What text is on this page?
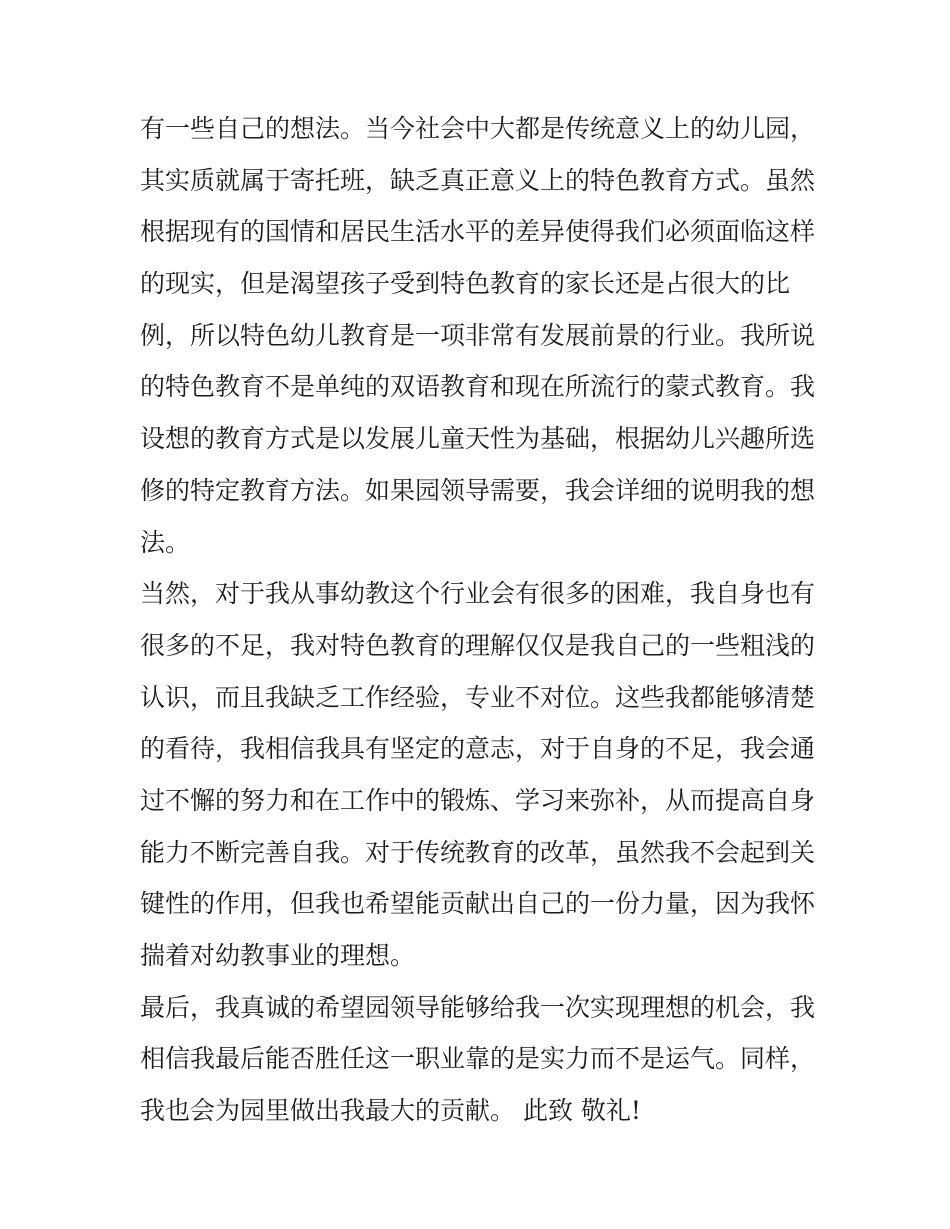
有一些自己的想法。当今社会中大都是传统意义上的幼儿园，
其实质就属于寄托班，缺乏真正意义上的特色教育方式。虽然
根据现有的国情和居民生活水平的差异使得我们必须面临这样
的现实，但是渴望孩子受到特色教育的家长还是占很大的比
例，所以特色幼儿教育是一项非常有发展前景的行业。我所说
的特色教育不是单纯的双语教育和现在所流行的蒙式教育。我
设想的教育方式是以发展儿童天性为基础，根据幼儿兴趣所选
修的特定教育方法。如果园领导需要，我会详细的说明我的想
法。
当然，对于我从事幼教这个行业会有很多的困难，我自身也有
很多的不足，我对特色教育的理解仅仅是我自己的一些粗浅的
认识，而且我缺乏工作经验，专业不对位。这些我都能够清楚
的看待，我相信我具有坚定的意志，对于自身的不足，我会通
过不懈的努力和在工作中的锻炼、学习来弥补，从而提高自身
能力不断完善自我。对于传统教育的改革，虽然我不会起到关
键性的作用，但我也希望能贡献出自己的一份力量，因为我怀
揣着对幼教事业的理想。
最后，我真诚的希望园领导能够给我一次实现理想的机会，我
相信我最后能否胜任这一职业靠的是实力而不是运气。同样，
我也会为园里做出我最大的贡献。 此致 敬礼!
